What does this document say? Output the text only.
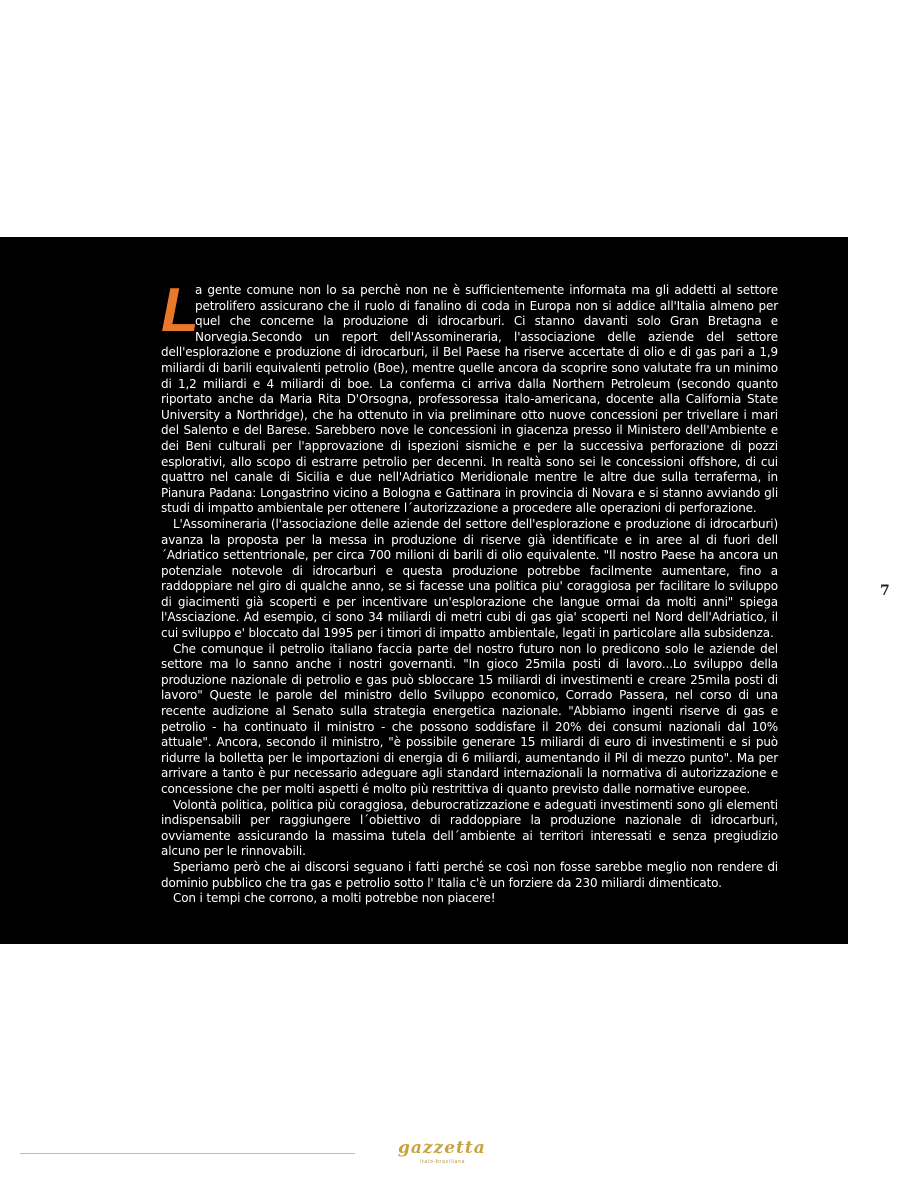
L
a gente comune non lo sa perchè non ne è sufficientemente informata ma gli addetti al settore petrolifero assicurano che il ruolo di fanalino di coda in Europa non si addice all'Italia almeno per quel che concerne la produzione di idrocarburi. Ci stanno davanti solo Gran Bretagna e Norvegia.Secondo un report dell'Assomineraria, l'associazione delle aziende del settore dell'esplorazione e produzione di idrocarburi, il Bel Paese ha riserve accertate di olio e di gas pari a 1,9 miliardi di barili equivalenti petrolio (Boe), mentre quelle ancora da scoprire sono valutate fra un minimo di 1,2 miliardi e 4 miliardi di boe. La conferma ci arriva dalla Northern Petroleum (secondo quanto riportato anche da Maria Rita D'Orsogna, professoressa italo-americana, docente alla California State University a Northridge), che ha ottenuto in via preliminare otto nuove concessioni per trivellare i mari del Salento e del Barese. Sarebbero nove le concessioni in giacenza presso il Ministero dell'Ambiente e dei Beni culturali per l'approvazione di ispezioni sismiche e per la successiva perforazione di pozzi esplorativi, allo scopo di estrarre petrolio per decenni. In realtà sono sei le concessioni offshore, di cui quattro nel canale di Sicilia e due nell'Adriatico Meridionale mentre le altre due sulla terraferma, in Pianura Padana: Longastrino vicino a Bologna e Gattinara in provincia di Novara e si stanno avviando gli studi di impatto ambientale per ottenere l´autorizzazione a procedere alle operazioni di perforazione.

L'Assomineraria (l'associazione delle aziende del settore dell'esplorazione e produzione di idrocarburi) avanza la proposta per la messa in produzione di riserve già identificate e in aree al di fuori dell´Adriatico settentrionale, per circa 700 milioni di barili di olio equivalente. "Il nostro Paese ha ancora un potenziale notevole di idrocarburi e questa produzione potrebbe facilmente aumentare, fino a raddoppiare nel giro di qualche anno, se si facesse una politica piu' coraggiosa per facilitare lo sviluppo di giacimenti già scoperti e per incentivare un'esplorazione che langue ormai da molti anni" spiega l'Assciazione. Ad esempio, ci sono 34 miliardi di metri cubi di gas gia' scoperti nel Nord dell'Adriatico, il cui sviluppo e' bloccato dal 1995 per i timori di impatto ambientale, legati in particolare alla subsidenza.

Che comunque il petrolio italiano faccia parte del nostro futuro non lo predicono solo le aziende del settore ma lo sanno anche i nostri governanti. "In gioco 25mila posti di lavoro...Lo sviluppo della produzione nazionale di petrolio e gas può sbloccare 15 miliardi di investimenti e creare 25mila posti di lavoro" Queste le parole del ministro dello Sviluppo economico, Corrado Passera, nel corso di una recente audizione al Senato sulla strategia energetica nazionale. "Abbiamo ingenti riserve di gas e petrolio - ha continuato il ministro - che possono soddisfare il 20% dei consumi nazionali dal 10% attuale". Ancora, secondo il ministro, "è possibile generare 15 miliardi di euro di investimenti e si può ridurre la bolletta per le importazioni di energia di 6 miliardi, aumentando il Pil di mezzo punto". Ma per arrivare a tanto è pur necessario adeguare agli standard internazionali la normativa di autorizzazione e concessione che per molti aspetti é molto più restrittiva di quanto previsto dalle normative europee.

Volontà politica, politica più coraggiosa, deburocratizzazione e adeguati investimenti sono gli elementi indispensabili per raggiungere l´obiettivo di raddoppiare la produzione nazionale di idrocarburi, ovviamente assicurando la massima tutela dell´ambiente ai territori interessati e senza pregiudizio alcuno per le rinnovabili.

Speriamo però che ai discorsi seguano i fatti perché se così non fosse sarebbe meglio non rendere di dominio pubblico che tra gas e petrolio sotto l' Italia c'è un forziere da 230 miliardi dimenticato.

Con i tempi che corrono, a molti potrebbe non piacere!

7
gazzetta
italo-brasiliana
